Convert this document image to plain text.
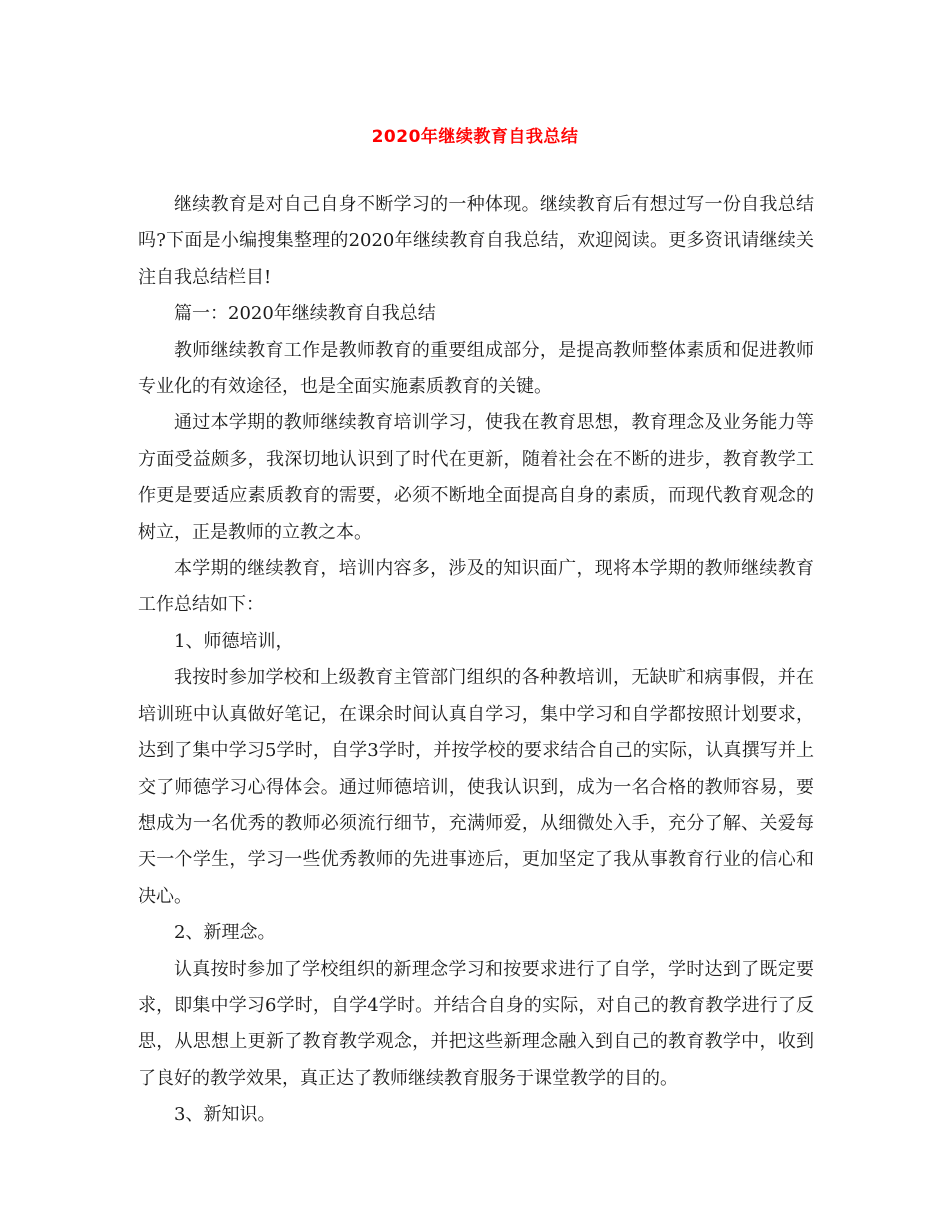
2020年继续教育自我总结

继续教育是对自己自身不断学习的一种体现。继续教育后有想过写一份自我总结吗?下面是小编搜集整理的2020年继续教育自我总结，欢迎阅读。更多资讯请继续关注自我总结栏目!

篇一：2020年继续教育自我总结

教师继续教育工作是教师教育的重要组成部分，是提高教师整体素质和促进教师专业化的有效途径，也是全面实施素质教育的关键。

通过本学期的教师继续教育培训学习，使我在教育思想，教育理念及业务能力等方面受益颇多，我深切地认识到了时代在更新，随着社会在不断的进步，教育教学工作更是要适应素质教育的需要，必须不断地全面提高自身的素质，而现代教育观念的树立，正是教师的立教之本。

本学期的继续教育，培训内容多，涉及的知识面广，现将本学期的教师继续教育工作总结如下：

1、师德培训，

我按时参加学校和上级教育主管部门组织的各种教培训，无缺旷和病事假，并在培训班中认真做好笔记，在课余时间认真自学习，集中学习和自学都按照计划要求，达到了集中学习5学时，自学3学时，并按学校的要求结合自己的实际，认真撰写并上交了师德学习心得体会。通过师德培训，使我认识到，成为一名合格的教师容易，要想成为一名优秀的教师必须流行细节，充满师爱，从细微处入手，充分了解、关爱每天一个学生，学习一些优秀教师的先进事迹后，更加坚定了我从事教育行业的信心和决心。

2、新理念。

认真按时参加了学校组织的新理念学习和按要求进行了自学，学时达到了既定要求，即集中学习6学时，自学4学时。并结合自身的实际，对自己的教育教学进行了反思，从思想上更新了教育教学观念，并把这些新理念融入到自己的教育教学中，收到了良好的教学效果，真正达了教师继续教育服务于课堂教学的目的。

3、新知识。
